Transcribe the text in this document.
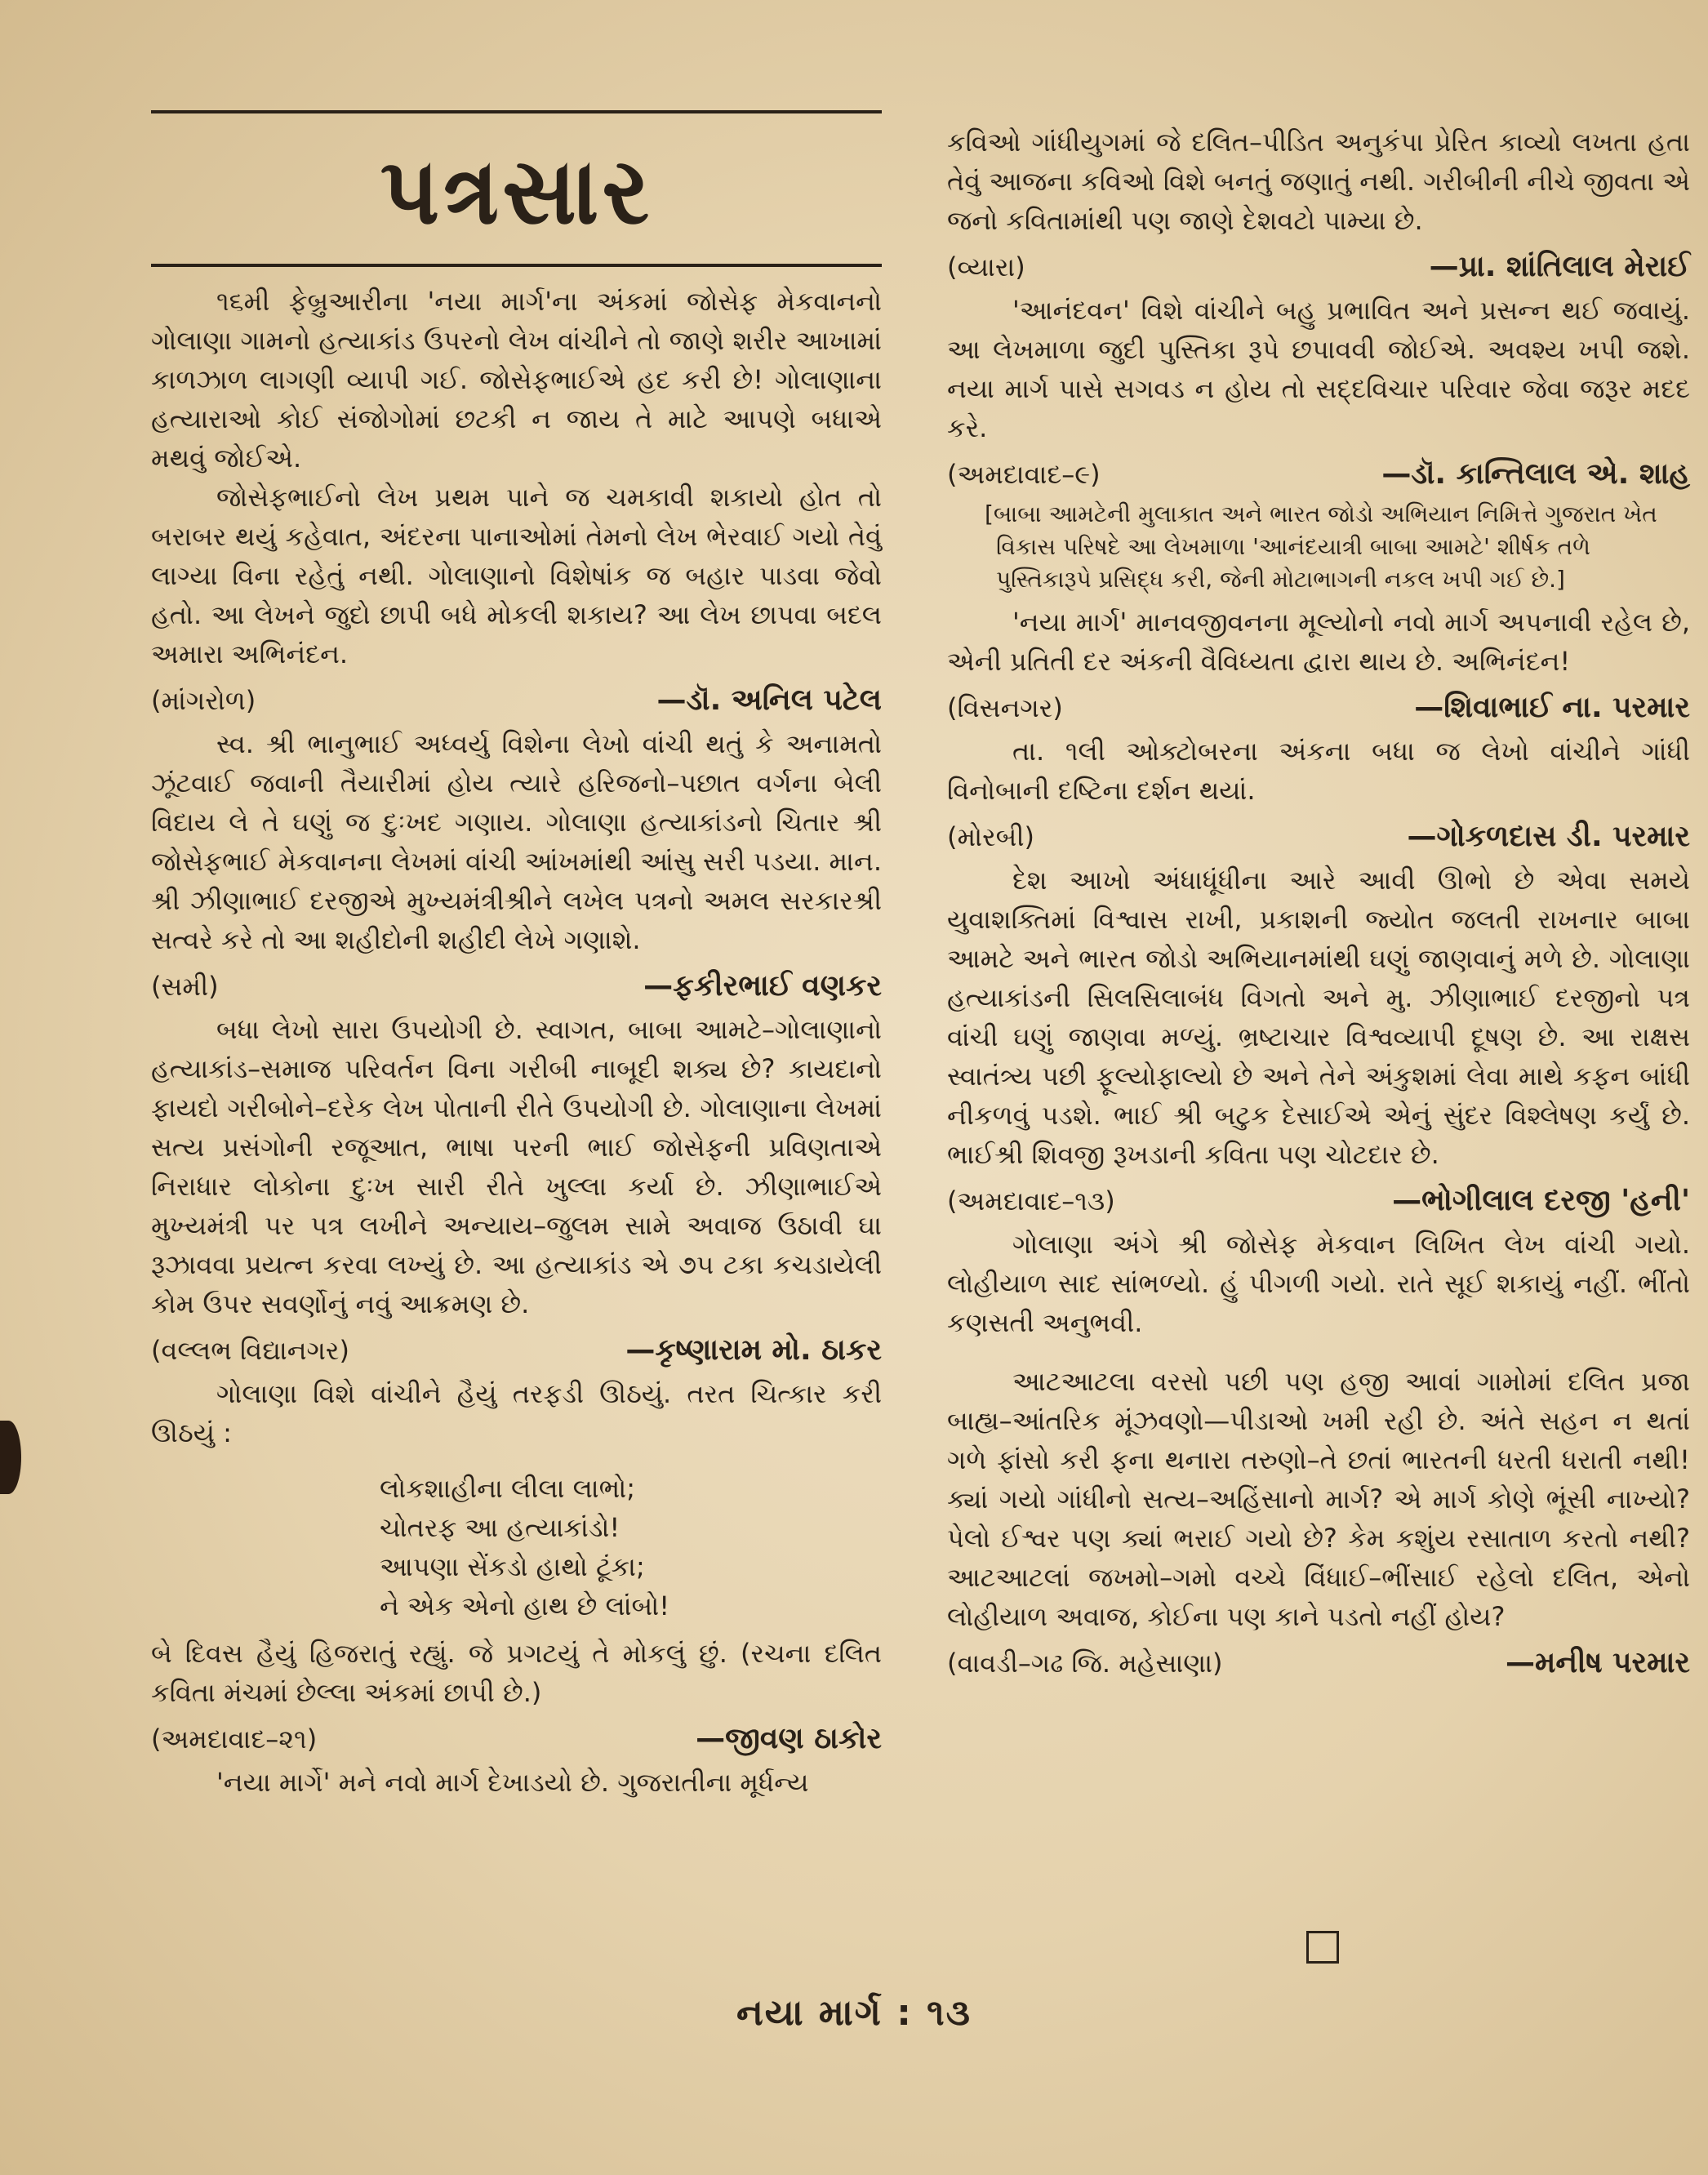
પત્રસાર

૧૬મી ફેબ્રુઆરીના 'નયા માર્ગ'ના અંકમાં જોસેફ મેકવાનનો ગોલાણા ગામનો હત્યાકાંડ ઉપરનો લેખ વાંચીને તો જાણે શરીર આખામાં કાળઝાળ લાગણી વ્યાપી ગઈ. જોસેફભાઈએ હદ કરી છે! ગોલાણાના હત્યારાઓ કોઈ સંજોગોમાં છટકી ન જાય તે માટે આપણે બધાએ મથવું જોઈએ.

જોસેફભાઈનો લેખ પ્રથમ પાને જ ચમકાવી શકાયો હોત તો બરાબર થયું કહેવાત, અંદરના પાનાઓમાં તેમનો લેખ ભેરવાઈ ગયો તેવું લાગ્યા વિના રહેતું નથી. ગોલાણાનો વિશેષાંક જ બહાર પાડવા જેવો હતો. આ લેખને જુદો છાપી બધે મોકલી શકાય? આ લેખ છાપવા બદલ અમારા અભિનંદન.

(માંગરોળ)	—ડૉ. અનિલ પટેલ

સ્વ. શ્રી ભાનુભાઈ અધ્વર્યુ વિશેના લેખો વાંચી થતું કે અનામતો ઝૂંટવાઈ જવાની તૈયારીમાં હોય ત્યારે હરિજનો–પછાત વર્ગના બેલી વિદાય લે તે ઘણું જ દુઃખદ ગણાય. ગોલાણા હત્યાકાંડનો ચિતાર શ્રી જોસેફભાઈ મેકવાનના લેખમાં વાંચી આંખમાંથી આંસુ સરી પડયા. માન. શ્રી ઝીણાભાઈ દરજીએ મુખ્યમંત્રીશ્રીને લખેલ પત્રનો અમલ સરકારશ્રી સત્વરે કરે તો આ શહીદોની શહીદી લેખે ગણાશે.

(સમી)	—ફકીરભાઈ વણકર

બધા લેખો સારા ઉપયોગી છે. સ્વાગત, બાબા આમટે–ગોલાણાનો હત્યાકાંડ–સમાજ પરિવર્તન વિના ગરીબી નાબૂદી શક્ય છે? કાયદાનો ફાયદો ગરીબોને–દરેક લેખ પોતાની રીતે ઉપયોગી છે. ગોલાણાના લેખમાં સત્ય પ્રસંગોની રજૂઆત, ભાષા પરની ભાઈ જોસેફની પ્રવિણતાએ નિરાધાર લોકોના દુઃખ સારી રીતે ખુલ્લા કર્યા છે. ઝીણાભાઈએ મુખ્યમંત્રી પર પત્ર લખીને અન્યાય–જુલમ સામે અવાજ ઉઠાવી ઘા રૂઝાવવા પ્રયત્ન કરવા લખ્યું છે. આ હત્યાકાંડ એ ૭૫ ટકા કચડાયેલી કોમ ઉપર સવર્ણોનું નવું આક્રમણ છે.

(વલ્લભ વિદ્યાનગર)	—કૃષ્ણારામ મો. ઠાકર

ગોલાણા વિશે વાંચીને હૈયું તરફડી ઊઠયું. તરત ચિત્કાર કરી ઊઠયું :

લોકશાહીના લીલા લાભો;
ચોતરફ આ હત્યાકાંડો!
આપણા સેંકડો હાથો ટૂંકા;
ને એક એનો હાથ છે લાંબો!

બે દિવસ હૈયું હિજરાતું રહ્યું. જે પ્રગટયું તે મોકલું છું. (રચના દલિત કવિતા મંચમાં છેલ્લા અંકમાં છાપી છે.)

(અમદાવાદ–૨૧)	—જીવણ ઠાકોર

'નયા માર્ગે' મને નવો માર્ગ દેખાડયો છે. ગુજરાતીના મૂર્ધન્ય

કવિઓ ગાંધીયુગમાં જે દલિત–પીડિત અનુકંપા પ્રેરિત કાવ્યો લખતા હતા તેવું આજના કવિઓ વિશે બનતું જણાતું નથી. ગરીબીની નીચે જીવતા એ જનો કવિતામાંથી પણ જાણે દેશવટો પામ્યા છે.

(વ્યારા)	—પ્રા. શાંતિલાલ મેરાઈ

'આનંદવન' વિશે વાંચીને બહુ પ્રભાવિત અને પ્રસન્ન થઈ જવાયું. આ લેખમાળા જુદી પુસ્તિકા રૂપે છપાવવી જોઈએ. અવશ્ય ખપી જશે. નયા માર્ગ પાસે સગવડ ન હોય તો સદ્દવિચાર પરિવાર જેવા જરૂર મદદ કરે.

(અમદાવાદ–૯)	—ડૉ. કાન્તિલાલ એ. શાહ
[બાબા આમટેની મુલાકાત અને ભારત જોડો અભિયાન નિમિત્તે ગુજરાત ખેત વિકાસ પરિષદે આ લેખમાળા 'આનંદયાત્રી બાબા આમટે' શીર્ષક તળે પુસ્તિકારૂપે પ્રસિદ્ધ કરી, જેની મોટાભાગની નકલ ખપી ગઈ છે.]

'નયા માર્ગ' માનવજીવનના મૂલ્યોનો નવો માર્ગ અપનાવી રહેલ છે, એની પ્રતિતી દર અંકની વૈવિધ્યતા દ્વારા થાય છે. અભિનંદન!

(વિસનગર)	—શિવાભાઈ ના. પરમાર

તા. ૧લી ઓક્ટોબરના અંકના બધા જ લેખો વાંચીને ગાંધી વિનોબાની દષ્ટિના દર્શન થયાં.

(મોરબી)	—ગોકળદાસ ડી. પરમાર

દેશ આખો અંધાધૂંધીના આરે આવી ઊભો છે એવા સમયે યુવાશક્તિમાં વિશ્વાસ રાખી, પ્રકાશની જ્યોત જલતી રાખનાર બાબા આમટે અને ભારત જોડો અભિયાનમાંથી ઘણું જાણવાનું મળે છે. ગોલાણા હત્યાકાંડની સિલસિલાબંધ વિગતો અને મુ. ઝીણાભાઈ દરજીનો પત્ર વાંચી ઘણું જાણવા મળ્યું. ભ્રષ્ટાચાર વિશ્વવ્યાપી દૂષણ છે. આ રાક્ષસ સ્વાતંત્ર્ય પછી ફૂલ્યોફાલ્યો છે અને તેને અંકુશમાં લેવા માથે કફન બાંધી નીકળવું પડશે. ભાઈ શ્રી બટુક દેસાઈએ એનું સુંદર વિશ્લેષણ કર્યું છે. ભાઈશ્રી શિવજી રૂખડાની કવિતા પણ ચોટદાર છે.

(અમદાવાદ–૧૩)	—ભોગીલાલ દરજી 'હની'

ગોલાણા અંગે શ્રી જોસેફ મેકવાન લિખિત લેખ વાંચી ગયો. લોહીયાળ સાદ સાંભળ્યો. હું પીગળી ગયો. રાતે સૂઈ શકાયું નહીં. ભીંતો કણસતી અનુભવી.

આટઆટલા વરસો પછી પણ હજી આવાં ગામોમાં દલિત પ્રજા બાહ્ય–આંતરિક મૂંઝવણો—પીડાઓ ખમી રહી છે. અંતે સહન ન થતાં ગળે ફાંસો કરી ફના થનારા તરુણો–તે છતાં ભારતની ધરતી ધરાતી નથી! ક્યાં ગયો ગાંધીનો સત્ય–અહિંસાનો માર્ગ? એ માર્ગ કોણે ભૂંસી નાખ્યો? પેલો ઈશ્વર પણ ક્યાં ભરાઈ ગયો છે? કેમ કશુંય રસાતાળ કરતો નથી? આટઆટલાં જખમો–ગમો વચ્ચે વિંધાઈ–ભીંસાઈ રહેલો દલિત, એનો લોહીયાળ અવાજ, કોઈના પણ કાને પડતો નહીં હોય?

(વાવડી–ગઢ જિ. મહેસાણા)	—મનીષ પરમાર
નયા માર્ગ : ૧૩
